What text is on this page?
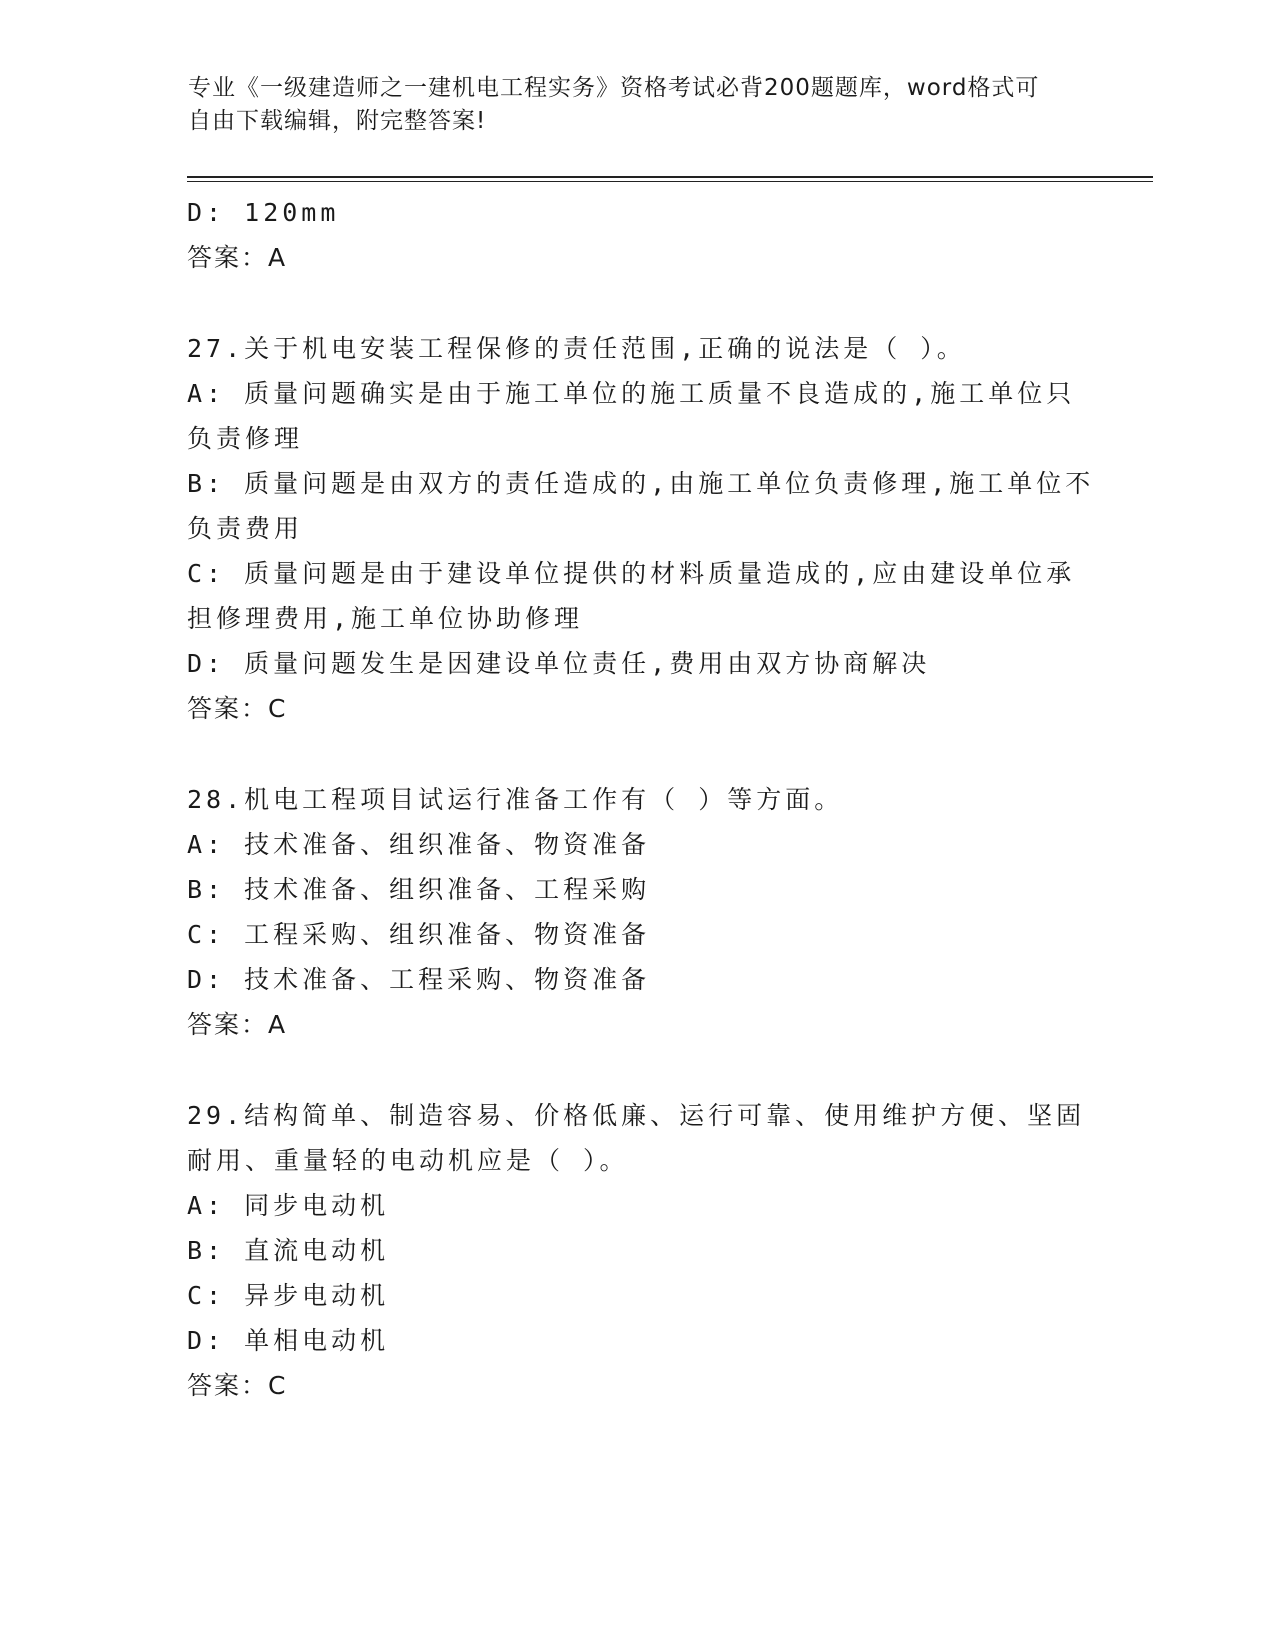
专业《一级建造师之一建机电工程实务》资格考试必背200题题库，word格式可
自由下载编辑，附完整答案!
D: 120mm
答案：A
27.关于机电安装工程保修的责任范围,正确的说法是（ ）。
A: 质量问题确实是由于施工单位的施工质量不良造成的,施工单位只
负责修理
B: 质量问题是由双方的责任造成的,由施工单位负责修理,施工单位不
负责费用
C: 质量问题是由于建设单位提供的材料质量造成的,应由建设单位承
担修理费用,施工单位协助修理
D: 质量问题发生是因建设单位责任,费用由双方协商解决
答案：C
28.机电工程项目试运行准备工作有（ ）等方面。
A: 技术准备、组织准备、物资准备
B: 技术准备、组织准备、工程采购
C: 工程采购、组织准备、物资准备
D: 技术准备、工程采购、物资准备
答案：A
29.结构简单、制造容易、价格低廉、运行可靠、使用维护方便、坚固
耐用、重量轻的电动机应是（ ）。
A: 同步电动机
B: 直流电动机
C: 异步电动机
D: 单相电动机
答案：C
